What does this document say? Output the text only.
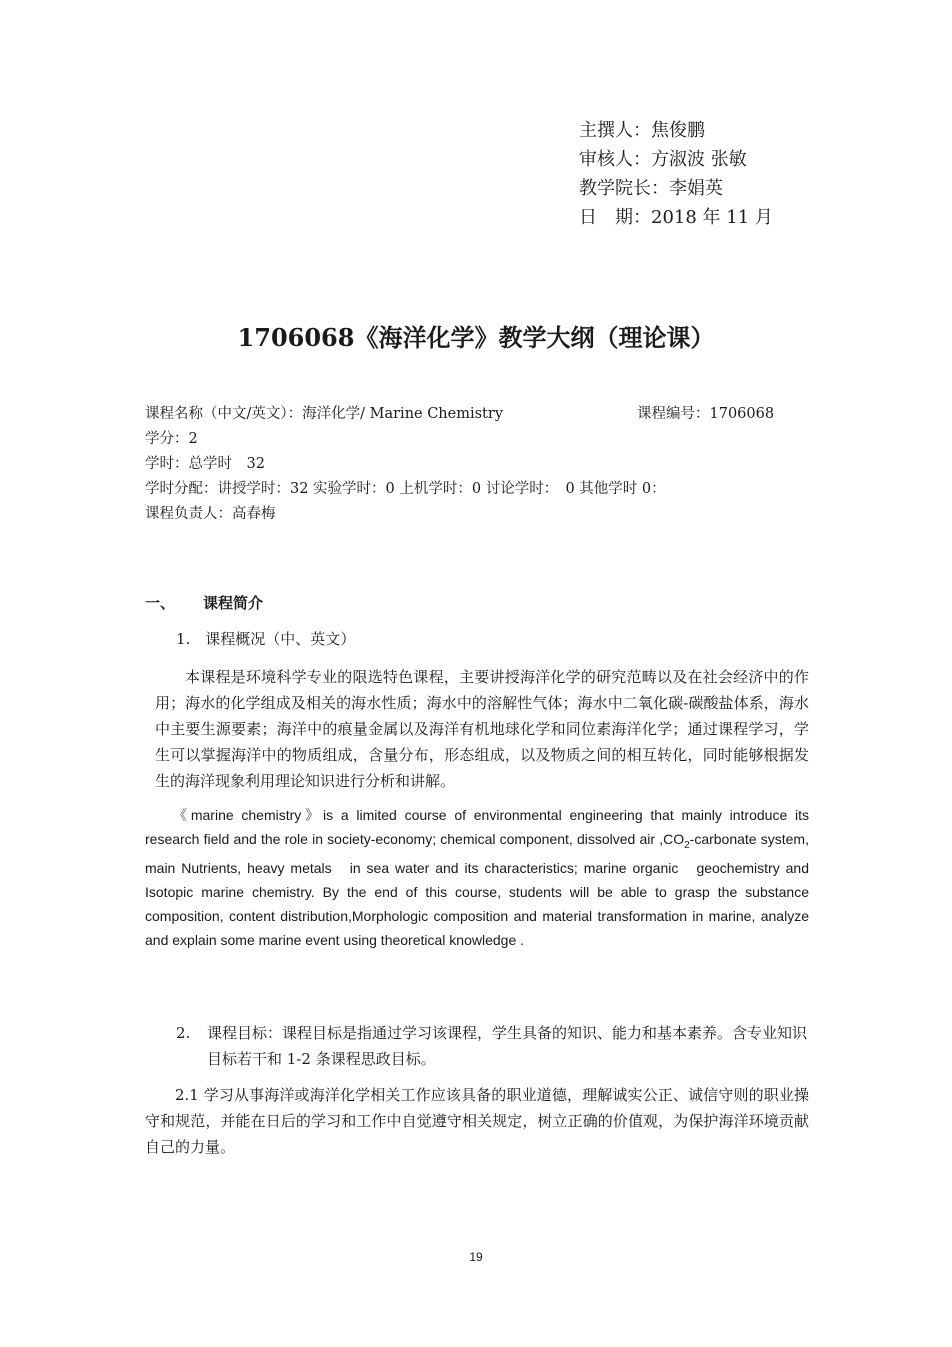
主撰人：焦俊鹏
审核人：方淑波 张敏
教学院长：李娟英
日　期：2018 年 11 月
1706068《海洋化学》教学大纲（理论课）
课程名称（中文/英文）：海洋化学/ Marine Chemistry	课程编号：1706068
学分：2
学时：总学时　32
学时分配：讲授学时：32 实验学时：0 上机学时：0 讨论学时：　0 其他学时 0：
课程负责人：高春梅
一、 课程简介
1.　课程概况（中、英文）
本课程是环境科学专业的限选特色课程，主要讲授海洋化学的研究范畴以及在社会经济中的作用；海水的化学组成及相关的海水性质；海水中的溶解性气体；海水中二氧化碳-碳酸盐体系，海水中主要生源要素；海洋中的痕量金属以及海洋有机地球化学和同位素海洋化学；通过课程学习，学生可以掌握海洋中的物质组成，含量分布，形态组成，以及物质之间的相互转化，同时能够根据发生的海洋现象利用理论知识进行分析和讲解。
《marine chemistry》is a limited course of environmental engineering that mainly introduce its research field and the role in society-economy; chemical component, dissolved air $,CO_2$-carbonate system, main Nutrients, heavy metals　in sea water and its characteristics; marine organic　geochemistry and Isotopic marine chemistry. By the end of this course, students will be able to grasp the substance composition, content distribution,Morphologic composition and material transformation in marine, analyze and explain some marine event using theoretical knowledge .
2.	课程目标：课程目标是指通过学习该课程，学生具备的知识、能力和基本素养。含专业知识目标若干和 1-2 条课程思政目标。
2.1 学习从事海洋或海洋化学相关工作应该具备的职业道德，理解诚实公正、诚信守则的职业操守和规范，并能在日后的学习和工作中自觉遵守相关规定，树立正确的价值观，为保护海洋环境贡献自己的力量。
19
